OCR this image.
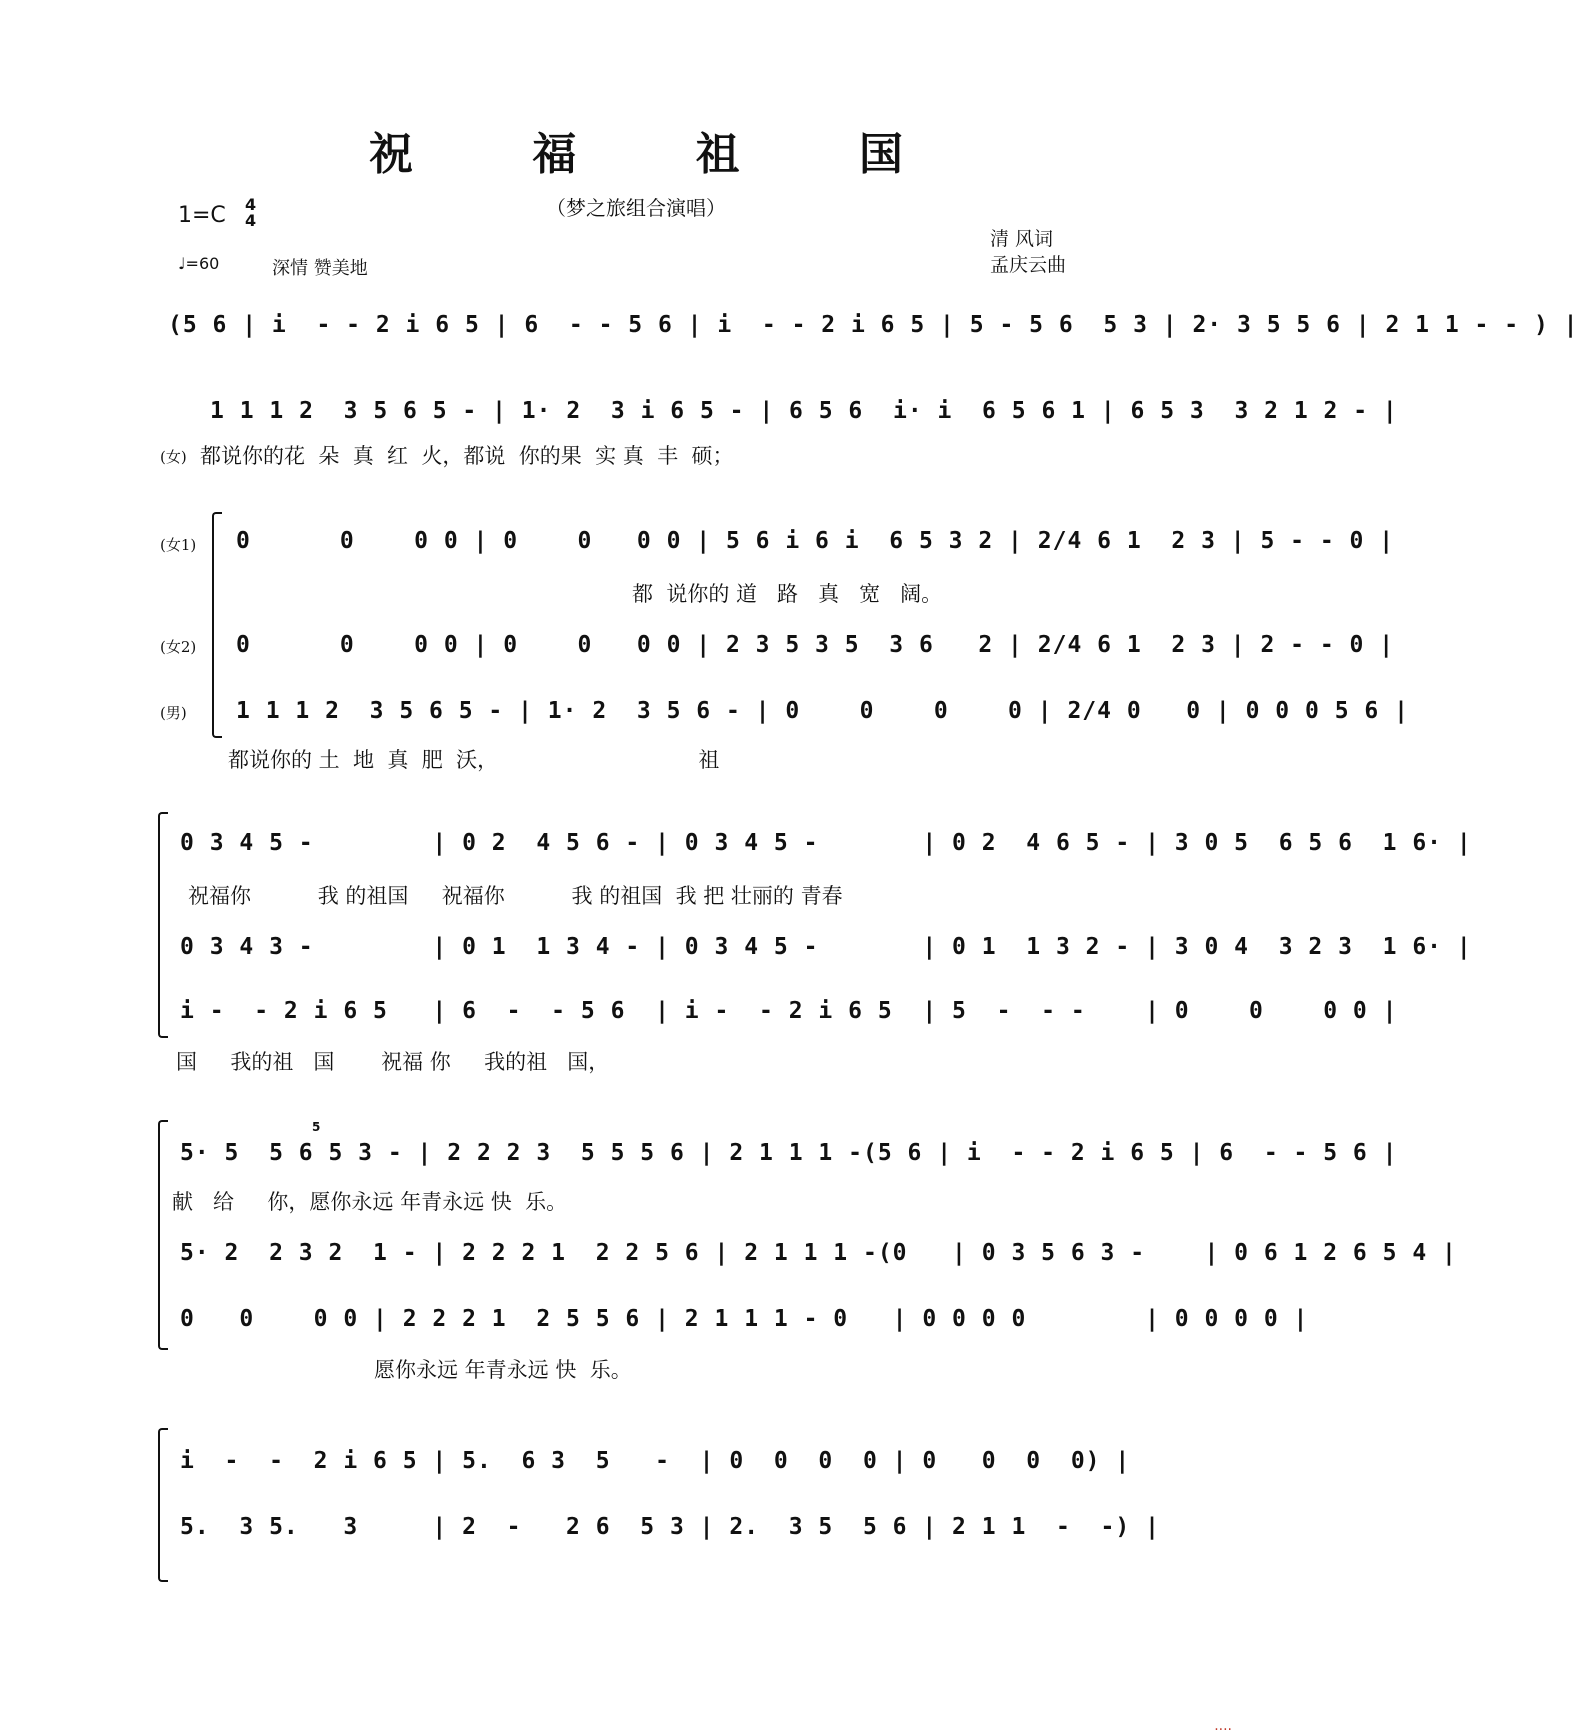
祝 福 祖 国
（梦之旅组合演唱）
1=C 4
4
♩=60	深情 赞美地
清 风词
孟庆云曲
(5 6 | i  - - 2 i 6 5 | 6  - - 5 6 | i  - - 2 i 6 5 | 5 - 5 6  5 3 | 2· 3 5 5 6 | 2 1 1 - - ) |
1 1 1 2  3 5 6 5 - | 1· 2  3 i 6 5 - | 6 5 6  i· i  6 5 6 1 | 6 5 3  3 2 1 2 - |
(女) 都说你的花  朵  真  红  火，都说  你的果  实 真  丰  硕；
(女1) 0      0    0 0 | 0    0   0 0 | 5 6 i 6 i  6 5 3 2 | 2/4 6 1  2 3 | 5 - - 0 |
都  说你的 道   路   真   宽   阔。
(女2) 0      0    0 0 | 0    0   0 0 | 2 3 5 3 5  3 6   2 | 2/4 6 1  2 3 | 2 - - 0 |
(男) 1 1 1 2  3 5 6 5 - | 1· 2  3 5 6 - | 0    0    0    0 | 2/4 0   0 | 0 0 0 5 6 |
都说你的 土  地  真  肥  沃，                              祖
0 3 4 5 -        | 0 2  4 5 6 - | 0 3 4 5 -       | 0 2  4 6 5 - | 3 0 5  6 5 6  1 6· |
祝福你          我 的祖国     祝福你          我 的祖国  我 把 壮丽的 青春
0 3 4 3 -        | 0 1  1 3 4 - | 0 3 4 5 -       | 0 1  1 3 2 - | 3 0 4  3 2 3  1 6· |
i -  - 2 i 6 5   | 6  -  - 5 6  | i -  - 2 i 6 5  | 5  -  - -    | 0    0    0 0 |
国     我的祖   国       祝福 你     我的祖   国，
5· 5  5 6 5 3 - | 2 2 2 3  5 5 5 6 | 2 1 1 1 -(5 6 | i  - - 2 i 6 5 | 6  - - 5 6 |
5
献   给     你，愿你永远 年青永远 快  乐。
5· 2  2 3 2  1 - | 2 2 2 1  2 2 5 6 | 2 1 1 1 -(0   | 0 3 5 6 3 -    | 0 6 1 2 6 5 4 |
0   0    0 0 | 2 2 2 1  2 5 5 6 | 2 1 1 1 - 0   | 0 0 0 0        | 0 0 0 0 |
愿你永远 年青永远 快  乐。
i  -  -  2 i 6 5 | 5.  6 3  5   -  | 0  0  0  0 | 0   0  0  0) |
5.  3 5.   3     | 2  -   2 6  5 3 | 2.  3 5  5 6 | 2 1 1  -  -) |
....
